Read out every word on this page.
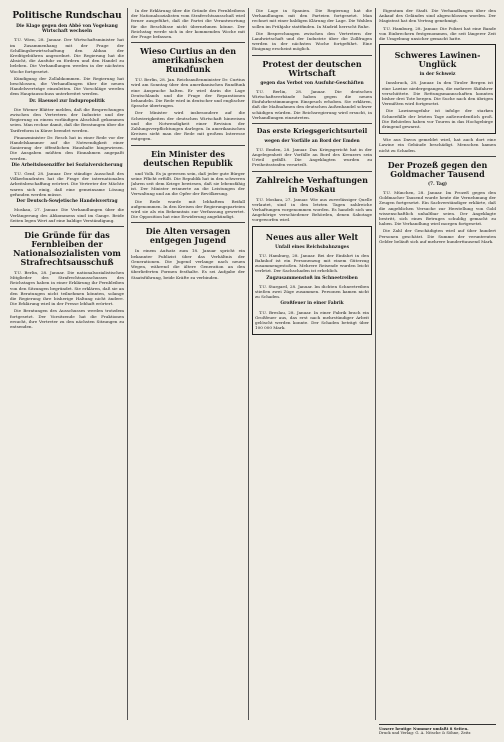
Politische Rundschau
Die Klage gegen den Abbé von Vogelsang Wirtschaft wechseln

T.U. Wien, 28. Januar. Der Wirtschaftsminister hat im Zusammenhang mit der Frage der Schillingsbewirtschaftung den Abbau der Kreditgebühren angeordnet. Die Regierung hat die Absicht, die Ausfuhr zu fördern und den Handel zu beleben. Die Verhandlungen werden in der nächsten Woche fortgesetzt.

Kündigung der Zollabkommen. Die Regierung hat beschlossen, die Verhandlungen über die neuen Handelsverträge einzuleiten. Die Vorschläge werden dem Hauptausschuss unterbreitet werden.

Dr. Haeusel zur Indupropolitik

Die Wiener Blätter melden, daß die Besprechungen zwischen den Vertretern der Industrie und der Regierung zu einem vorläufigen Abschluß gekommen seien. Man rechne damit, daß die Beratungen über die Tarifreform in Kürze beendet werden.

Finanzminister Dr. Resch hat in einer Rede vor der Handelskammer auf die Notwendigkeit einer Sanierung der öffentlichen Haushalte hingewiesen. Die Ausgaben müßten den Einnahmen angepaßt werden.

Die Arbeitslosenziffer bei Sozialversicherung

T.U. Genf, 28. Januar. Der ständige Ausschuß des Völkerbundrates hat die Frage der internationalen Arbeitsbeschaffung erörtert. Die Vertreter der Mächte waren sich einig, daß eine gemeinsame Lösung gefunden werden müsse.

Der Deutsch-Sowjetische Handelsvertrag

Moskau, 27. Januar. Die Verhandlungen über die Verlängerung des Abkommens sind im Gange. Beide Seiten legen Wert auf eine baldige Verständigung.

Die Gründe für das Fernbleiben der Nationalsozialisten vom Strafrechtsausschuß

T.U. Berlin, 28. Januar. Die nationalsozialistischen Mitglieder des Strafrechtsausschusses des Reichstages haben in einer Erklärung ihr Fernbleiben von den Sitzungen begründet. Sie erklären, daß sie an den Beratungen nicht teilnehmen könnten, solange die Regierung ihre bisherige Haltung nicht ändere. Die Erklärung wird in der Presse lebhaft erörtert.

Die Beratungen des Ausschusses werden trotzdem fortgesetzt. Der Vorsitzende hat die Fraktionen ersucht, ihre Vertreter zu den nächsten Sitzungen zu entsenden.

In der Erklärung über die Gründe des Fernbleibens der Nationalsozialisten vom Strafrechtsausschuß wird ferner ausgeführt, daß die Partei die Verantwortung für die Beschlüsse nicht übernehmen könne. Der Reichstag werde sich in der kommenden Woche mit der Frage befassen.

Wieso Curtius an den amerikanischen Rundfunk

T.U. Berlin, 28. Jan. Reichsaußenminister Dr. Curtius wird am Sonntag über den amerikanischen Rundfunk eine Ansprache halten. Er wird darin die Lage Deutschlands und die Frage der Reparationen behandeln. Die Rede wird in deutscher und englischer Sprache übertragen.

Der Minister wird insbesondere auf die Schwierigkeiten der deutschen Wirtschaft hinweisen und die Notwendigkeit einer Revision der Zahlungsverpflichtungen darlegen. In amerikanischen Kreisen sieht man der Rede mit großem Interesse entgegen.

Ein Minister des deutschen Republik

und Volk. Es ja gewesen sein, daß jeder gute Bürger seine Pflicht erfüllt. Die Republik hat in den schweren Jahren seit dem Kriege bewiesen, daß sie lebensfähig ist. Der Minister erinnerte an die Leistungen der Verwaltung und an die Opfer der Bevölkerung.

Die Rede wurde mit lebhaftem Beifall aufgenommen. In den Kreisen der Regierungsparteien wird sie als ein Bekenntnis zur Verfassung gewertet. Die Opposition hat eine Erwiderung angekündigt.

Die Alten versagen entgegen Jugend

In einem Aufsatz zum 18. Januar spricht ein bekannter Publizist über das Verhältnis der Generationen. Die Jugend verlange nach neuen Wegen, während die ältere Generation an den überlieferten Formen festhalte. Es sei Aufgabe der Staatsführung, beide Kräfte zu verbinden.

Die Lage in Spanien. Die Regierung hat die Verhandlungen mit den Parteien fortgesetzt. Man rechnet mit einer baldigen Klärung der Lage. Die Wahlen sollen im Frühjahr stattfinden. In Madrid herrscht Ruhe.

Die Besprechungen zwischen den Vertretern der Landwirtschaft und der Industrie über die Zollfragen werden in der nächsten Woche fortgeführt. Eine Einigung erscheint möglich.

Protest der deutschen Wirtschaft
gegen das Verbot von Ausfuhr-Geschäften

T.U. Berlin, 28. Januar. Die deutschen Wirtschaftsverbände haben gegen die neuen Einfuhrbestimmungen Einspruch erhoben. Sie erklären, daß die Maßnahmen den deutschen Außenhandel schwer schädigen würden. Die Reichsregierung wird ersucht, in Verhandlungen einzutreten.

Das erste Kriegsgerichtsurteil
wegen der Vorfälle an Bord der Emden

T.U. Emden, 28. Januar. Das Kriegsgericht hat in der Angelegenheit der Vorfälle an Bord des Kreuzers sein Urteil gefällt. Die Angeklagten wurden zu Freiheitsstrafen verurteilt.

Zahlreiche Verhaftungen in Moskau

T.U. Moskau, 27. Januar. Wie aus zuverlässiger Quelle verlautet, sind in den letzten Tagen zahlreiche Verhaftungen vorgenommen worden. Es handelt sich um Angehörige verschiedener Behörden, denen Sabotage vorgeworfen wird.

Neues aus aller Welt
Unfall eines Reichsbahnzuges

T.U. Hamburg, 28. Januar. Bei der Einfahrt in den Bahnhof ist ein Personenzug mit einem Güterzug zusammengestoßen. Mehrere Reisende wurden leicht verletzt. Der Sachschaden ist erheblich.

Zugzusammenstoß im Schneetreiben

T.U. Stargard, 28. Januar. Im dichten Schneetreiben stießen zwei Züge zusammen. Personen kamen nicht zu Schaden.

Großfeuer in einer Fabrik

T.U. Breslau, 28. Januar. In einer Fabrik brach ein Großfeuer aus, das erst nach mehrstündiger Arbeit gelöscht werden konnte. Der Schaden beträgt über 100 000 Mark.

Eigentum der Stadt. Die Verhandlungen über den Ankauf des Geländes sind abgeschlossen worden. Der Magistrat hat den Vertrag genehmigt.

T.U. Hamburg, 28. Januar. Die Polizei hat eine Bande von Einbrechern festgenommen, die seit längerer Zeit die Umgebung unsicher gemacht hatte.

Schweres Lawinen-Unglück
in der Schweiz

Innsbruck, 28. Januar. In den Tiroler Bergen ist eine Lawine niedergegangen, die mehrere Skifahrer verschüttete. Die Rettungsmannschaften konnten bisher drei Tote bergen. Die Suche nach den übrigen Vermißten wird fortgesetzt.

Die Lawinengefahr ist infolge der starken Schneefälle der letzten Tage außerordentlich groß. Die Behörden haben vor Touren in das Hochgebirge dringend gewarnt.

Wie aus Davos gemeldet wird, hat auch dort eine Lawine ein Gebäude beschädigt. Menschen kamen nicht zu Schaden.

Der Prozeß gegen den Goldmacher Tausend
(7. Tag)

T.U. München, 28. Januar. Im Prozeß gegen den Goldmacher Tausend wurde heute die Vernehmung der Zeugen fortgesetzt. Ein Sachverständiger erklärte, daß die angeblichen Versuche zur Herstellung von Gold wissenschaftlich unhaltbar seien. Der Angeklagte bestritt, sich eines Betruges schuldig gemacht zu haben. Die Verhandlung wird morgen fortgesetzt.

Die Zahl der Geschädigten wird auf über hundert Personen geschätzt. Die Summe der veruntreuten Gelder beläuft sich auf mehrere hunderttausend Mark.

Unsere heutige Nummer umfaßt 8 Seiten.
Druck und Verlag: G. A. Nitsche & Söhne, Zeitz
